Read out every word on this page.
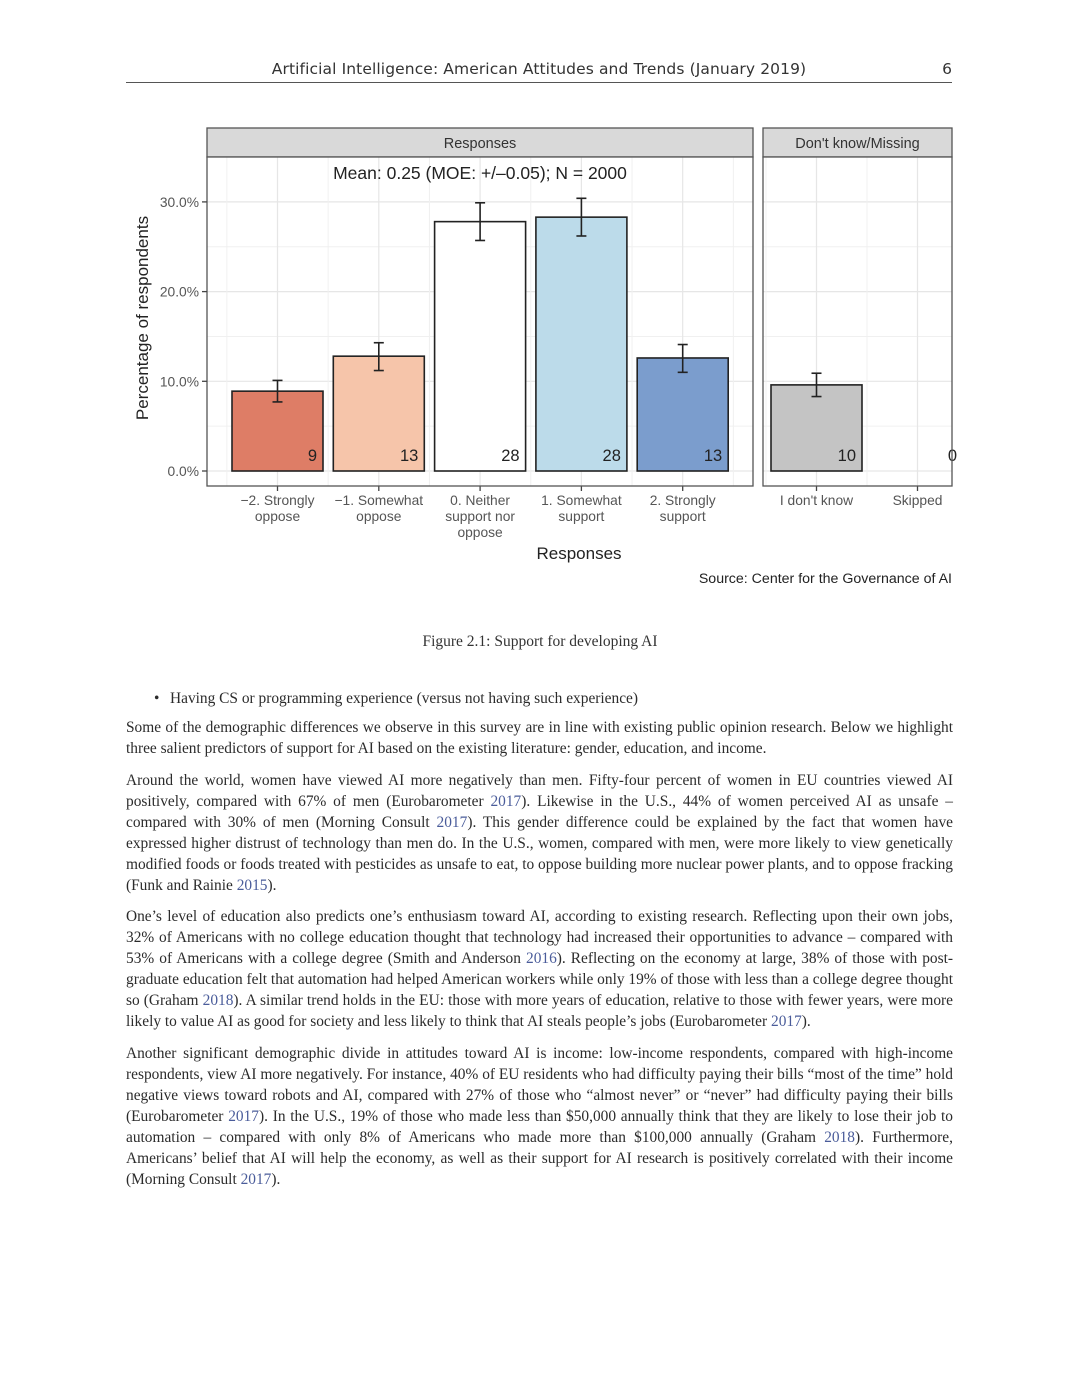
Artificial Intelligence: American Attitudes and Trends (January 2019)	6
Responses
9
−2. Strongly
oppose
13
−1. Somewhat
oppose
28
0. Neither
support nor
oppose
28
1. Somewhat
support
13
2. Strongly
support
Don't know/Missing
10
I don't know
0
Skipped
0.0%
10.0%
20.0%
30.0%
Percentage of respondents
Mean: 0.25 (MOE: +/–0.05); N = 2000
Responses
Source: Center for the Governance of AI
Figure 2.1: Support for developing AI

• Having CS or programming experience (versus not having such experience)

Some of the demographic differences we observe in this survey are in line with existing public opinion research. Below we highlight three salient predictors of support for AI based on the existing literature: gender, education, and income.

Around the world, women have viewed AI more negatively than men. Fifty-four percent of women in EU countries viewed AI positively, compared with 67% of men (Eurobarometer 2017). Likewise in the U.S., 44% of women perceived AI as unsafe – compared with 30% of men (Morning Consult 2017). This gender difference could be explained by the fact that women have expressed higher distrust of technology than men do. In the U.S., women, compared with men, were more likely to view genetically modified foods or foods treated with pesticides as unsafe to eat, to oppose building more nuclear power plants, and to oppose fracking (Funk and Rainie 2015).

One’s level of education also predicts one’s enthusiasm toward AI, according to existing research. Reflecting upon their own jobs, 32% of Americans with no college education thought that technology had increased their opportunities to advance – compared with 53% of Americans with a college degree (Smith and Anderson 2016). Reflecting on the economy at large, 38% of those with post-graduate education felt that automation had helped American workers while only 19% of those with less than a college degree thought so (Graham 2018). A similar trend holds in the EU: those with more years of education, relative to those with fewer years, were more likely to value AI as good for society and less likely to think that AI steals people’s jobs (Eurobarometer 2017).

Another significant demographic divide in attitudes toward AI is income: low-income respondents, compared with high-income respondents, view AI more negatively. For instance, 40% of EU residents who had difficulty paying their bills “most of the time” hold negative views toward robots and AI, compared with 27% of those who “almost never” or “never” had difficulty paying their bills (Eurobarometer 2017). In the U.S., 19% of those who made less than $50,000 annually think that they are likely to lose their job to automation – compared with only 8% of Americans who made more than $100,000 annually (Graham 2018). Furthermore, Americans’ belief that AI will help the economy, as well as their support for AI research is positively correlated with their income (Morning Consult 2017).
